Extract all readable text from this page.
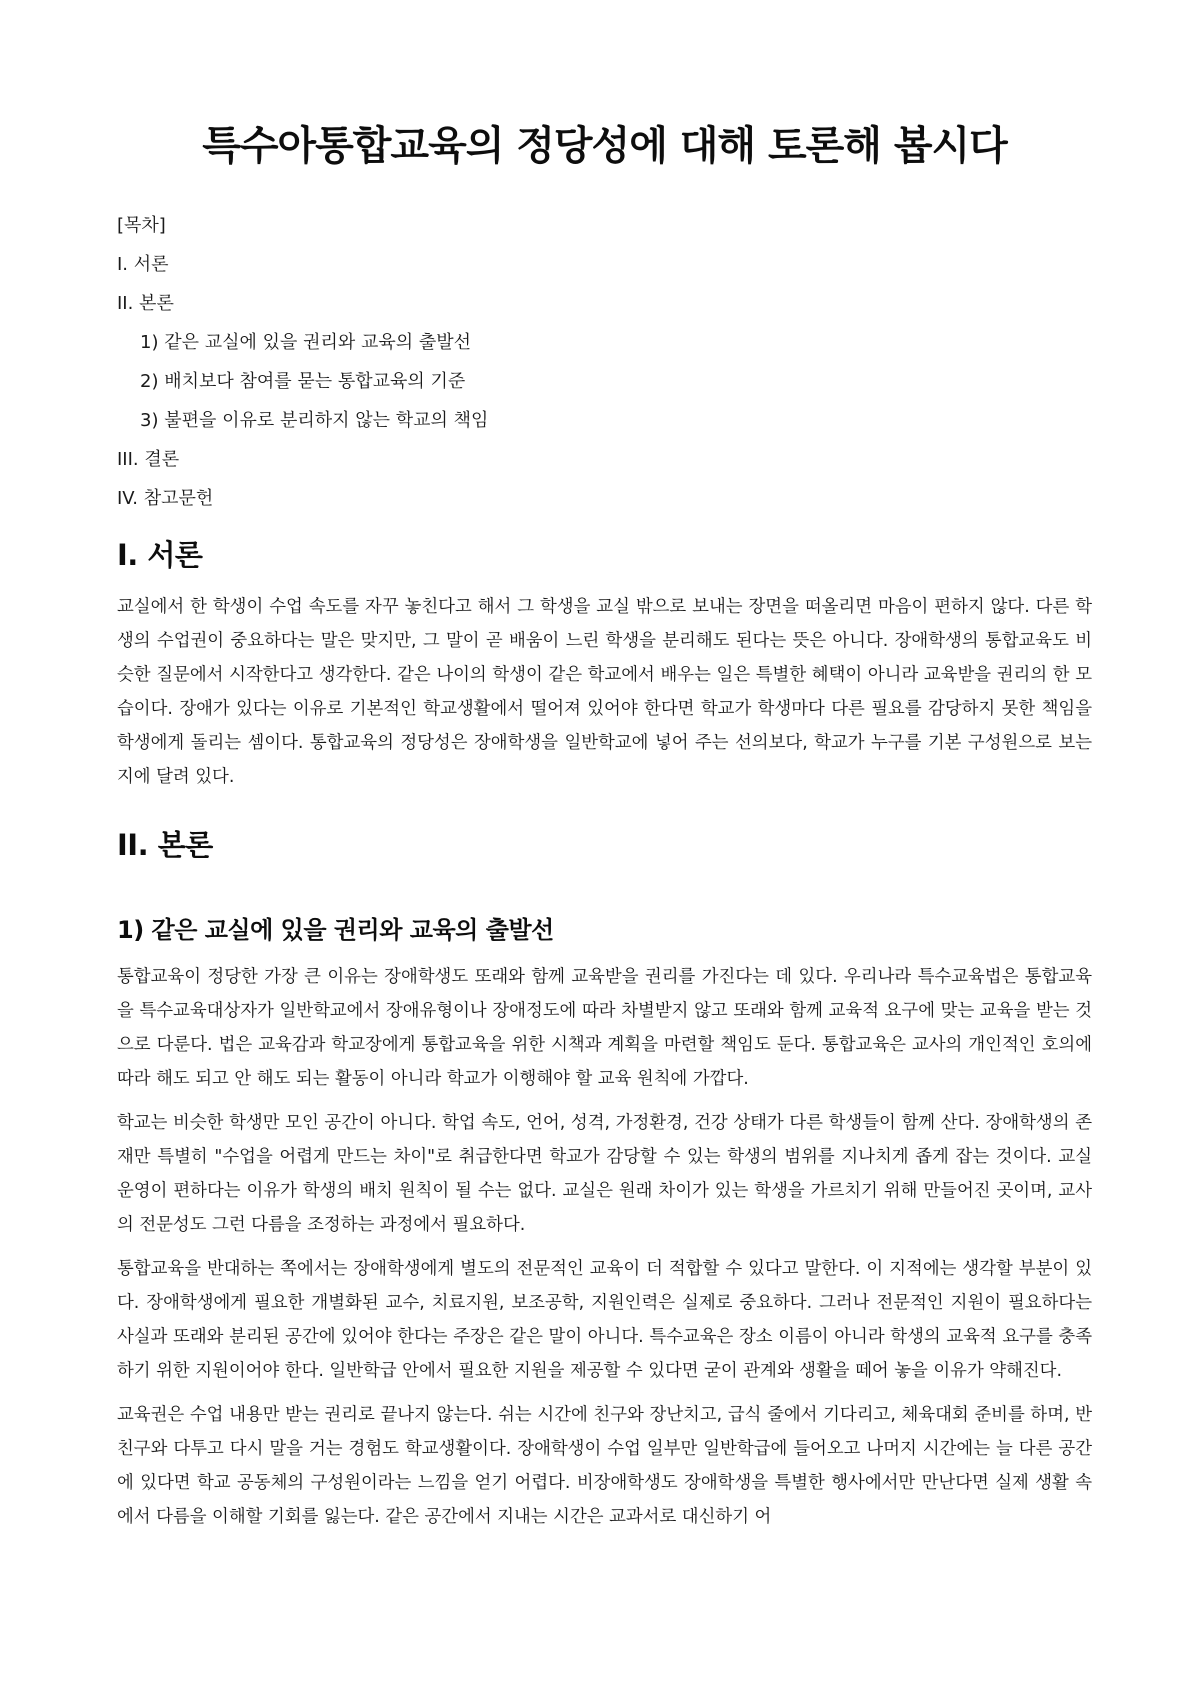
특수아통합교육의 정당성에 대해 토론해 봅시다
[목차]
I. 서론
II. 본론
1) 같은 교실에 있을 권리와 교육의 출발선
2) 배치보다 참여를 묻는 통합교육의 기준
3) 불편을 이유로 분리하지 않는 학교의 책임
III. 결론
IV. 참고문헌
I. 서론

교실에서 한 학생이 수업 속도를 자꾸 놓친다고 해서 그 학생을 교실 밖으로 보내는 장면을 떠올리면 마음이 편하지 않다. 다른 학생의 수업권이 중요하다는 말은 맞지만, 그 말이 곧 배움이 느린 학생을 분리해도 된다는 뜻은 아니다. 장애학생의 통합교육도 비슷한 질문에서 시작한다고 생각한다. 같은 나이의 학생이 같은 학교에서 배우는 일은 특별한 혜택이 아니라 교육받을 권리의 한 모습이다. 장애가 있다는 이유로 기본적인 학교생활에서 떨어져 있어야 한다면 학교가 학생마다 다른 필요를 감당하지 못한 책임을 학생에게 돌리는 셈이다. 통합교육의 정당성은 장애학생을 일반학교에 넣어 주는 선의보다, 학교가 누구를 기본 구성원으로 보는지에 달려 있다.

II. 본론
1) 같은 교실에 있을 권리와 교육의 출발선

통합교육이 정당한 가장 큰 이유는 장애학생도 또래와 함께 교육받을 권리를 가진다는 데 있다. 우리나라 특수교육법은 통합교육을 특수교육대상자가 일반학교에서 장애유형이나 장애정도에 따라 차별받지 않고 또래와 함께 교육적 요구에 맞는 교육을 받는 것으로 다룬다. 법은 교육감과 학교장에게 통합교육을 위한 시책과 계획을 마련할 책임도 둔다. 통합교육은 교사의 개인적인 호의에 따라 해도 되고 안 해도 되는 활동이 아니라 학교가 이행해야 할 교육 원칙에 가깝다.

학교는 비슷한 학생만 모인 공간이 아니다. 학업 속도, 언어, 성격, 가정환경, 건강 상태가 다른 학생들이 함께 산다. 장애학생의 존재만 특별히 "수업을 어렵게 만드는 차이"로 취급한다면 학교가 감당할 수 있는 학생의 범위를 지나치게 좁게 잡는 것이다. 교실 운영이 편하다는 이유가 학생의 배치 원칙이 될 수는 없다. 교실은 원래 차이가 있는 학생을 가르치기 위해 만들어진 곳이며, 교사의 전문성도 그런 다름을 조정하는 과정에서 필요하다.

통합교육을 반대하는 쪽에서는 장애학생에게 별도의 전문적인 교육이 더 적합할 수 있다고 말한다. 이 지적에는 생각할 부분이 있다. 장애학생에게 필요한 개별화된 교수, 치료지원, 보조공학, 지원인력은 실제로 중요하다. 그러나 전문적인 지원이 필요하다는 사실과 또래와 분리된 공간에 있어야 한다는 주장은 같은 말이 아니다. 특수교육은 장소 이름이 아니라 학생의 교육적 요구를 충족하기 위한 지원이어야 한다. 일반학급 안에서 필요한 지원을 제공할 수 있다면 굳이 관계와 생활을 떼어 놓을 이유가 약해진다.

교육권은 수업 내용만 받는 권리로 끝나지 않는다. 쉬는 시간에 친구와 장난치고, 급식 줄에서 기다리고, 체육대회 준비를 하며, 반 친구와 다투고 다시 말을 거는 경험도 학교생활이다. 장애학생이 수업 일부만 일반학급에 들어오고 나머지 시간에는 늘 다른 공간에 있다면 학교 공동체의 구성원이라는 느낌을 얻기 어렵다. 비장애학생도 장애학생을 특별한 행사에서만 만난다면 실제 생활 속에서 다름을 이해할 기회를 잃는다. 같은 공간에서 지내는 시간은 교과서로 대신하기 어
